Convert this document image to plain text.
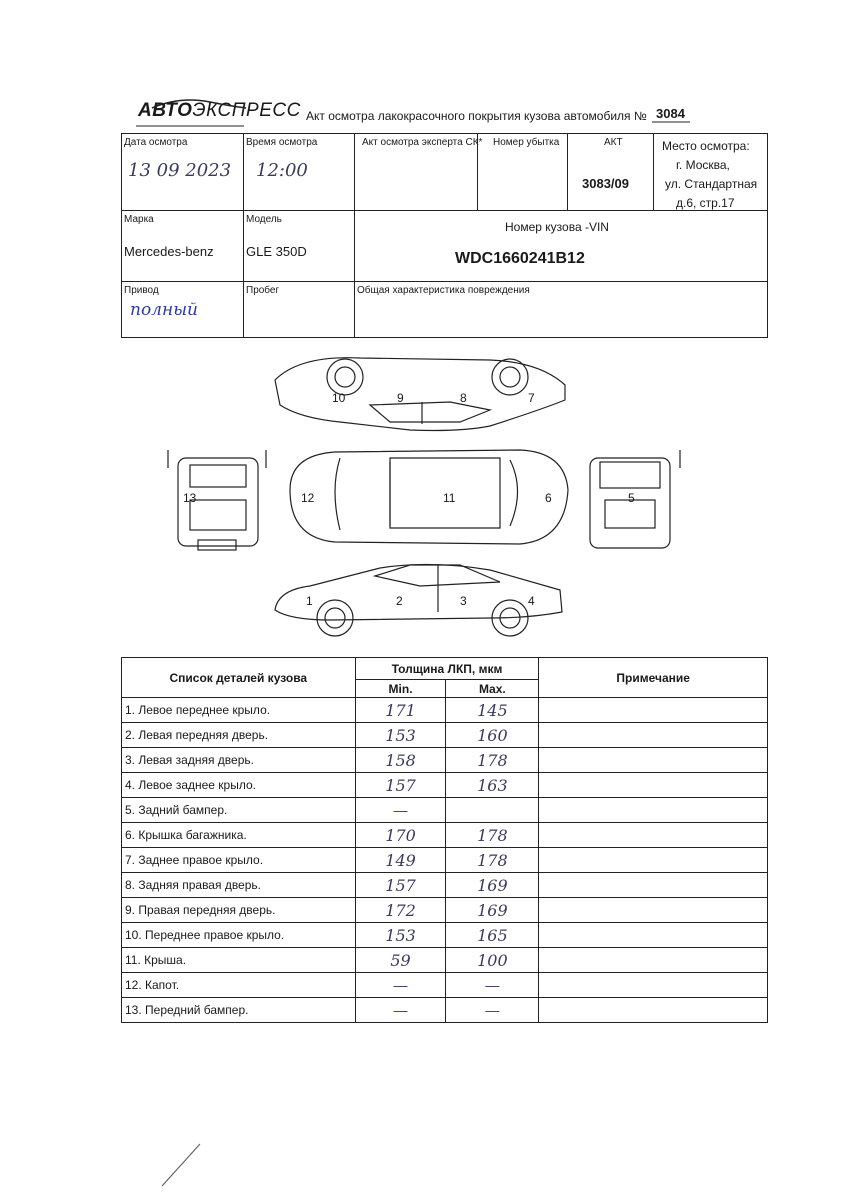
АВТОЭКСПРЕСС Акт осмотра лакокрасочного покрытия кузова автомобиля № 3084
Дата осмотра
13 09 2023
Время осмотра
12:00
Акт осмотра эксперта СК* Номер убытка	АКТ
3083/09
Место осмотра:
г. Москва,
ул. Стандартная
д.6, стр.17
Марка
Mercedes-benz
Модель
GLE 350D
Номер кузова -VIN
WDC1660241B12
Привод
полный
Пробег	Общая характеристика повреждения
7
8
9
10
13	12	11	6	5
1	2	3	4
Список деталей кузова	Толщина ЛКП, мкм		Примечание
	Min.	Max.	
1. Левое переднее крыло.	171	145	
2. Левая передняя дверь.	153	160	
3. Левая задняя дверь.	158	178	
4. Левое заднее крыло.	157	163	
5. Задний бампер.	—		
6. Крышка багажника.	170	178	
7. Заднее правое крыло.	149	178	
8. Задняя правая дверь.	157	169	
9. Правая передняя дверь.	172	169	
10. Переднее правое крыло.	153	165	
11. Крыша.	59	100	
12. Капот.	—	—	
13. Передний бампер.	—	—	
